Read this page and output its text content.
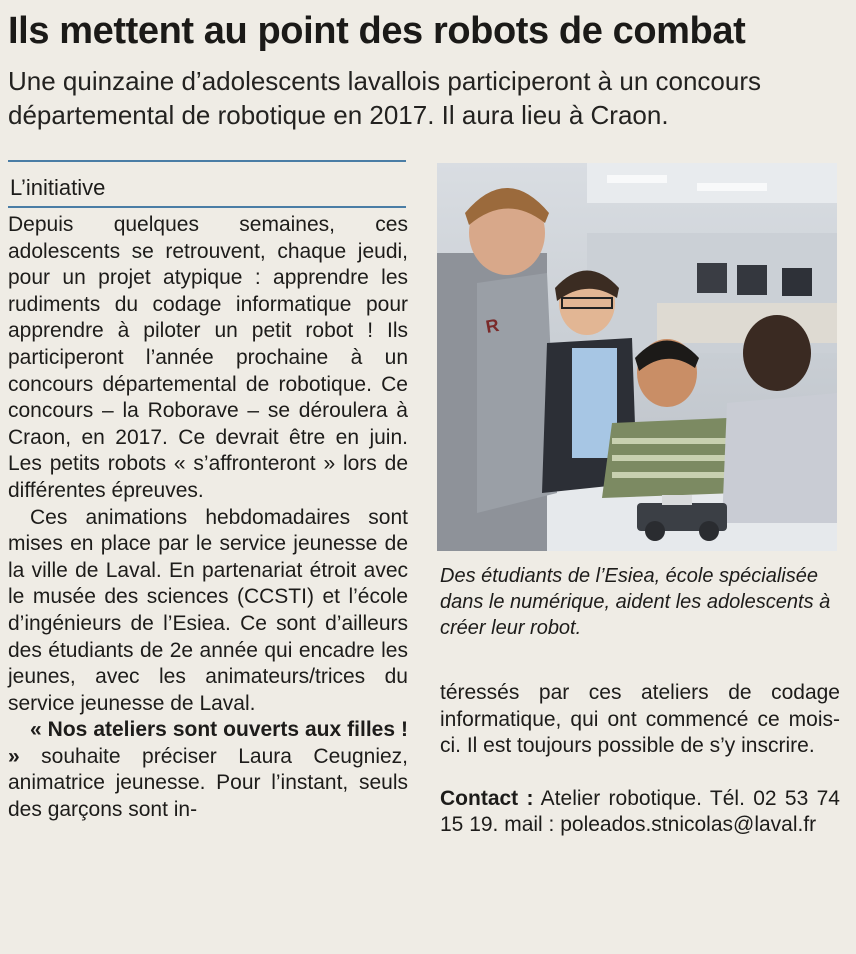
Ils mettent au point des robots de combat
Une quinzaine d’adolescents lavallois participeront à un concours départemental de robotique en 2017. Il aura lieu à Craon.
L’initiative

Depuis quelques semaines, ces adolescents se retrouvent, chaque jeudi, pour un projet atypique : apprendre les rudiments du codage informatique pour apprendre à piloter un petit robot ! Ils participeront l’année prochaine à un concours départemental de robotique. Ce concours – la Roborave – se déroulera à Craon, en 2017. Ce devrait être en juin. Les petits robots « s’affronteront » lors de différentes épreuves.

Ces animations hebdomadaires sont mises en place par le service jeunesse de la ville de Laval. En partenariat étroit avec le musée des sciences (CCSTI) et l’école d’ingénieurs de l’Esiea. Ce sont d’ailleurs des étudiants de 2e année qui encadre les jeunes, avec les animateurs/trices du service jeunesse de Laval.

« Nos ateliers sont ouverts aux filles ! » souhaite préciser Laura Ceugniez, animatrice jeunesse. Pour l’instant, seuls des garçons sont in-

R
Des étudiants de l’Esiea, école spécialisée dans le numérique, aident les adolescents à créer leur robot.

téressés par ces ateliers de codage informatique, qui ont commencé ce mois-ci. Il est toujours possible de s’y inscrire.

Contact : Atelier robotique. Tél. 02 53 74 15 19. mail : poleados.stnicolas@laval.fr
